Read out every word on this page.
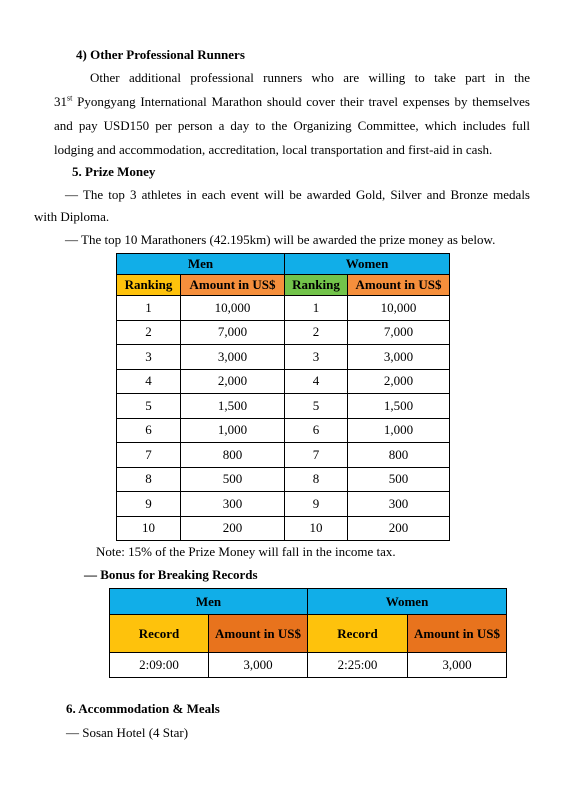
4) Other Professional Runners
Other additional professional runners who are willing to take part in the
31st Pyongyang International Marathon should cover their travel expenses by themselves
and pay USD150 per person a day to the Organizing Committee, which includes full
lodging and accommodation, accreditation, local transportation and first-aid in cash.
5. Prize Money
— The top 3 athletes in each event will be awarded Gold, Silver and Bronze medals
with Diploma.
— The top 10 Marathoners (42.195km) will be awarded the prize money as below.
Men		Women	
Ranking	Amount in US$	Ranking	Amount in US$
1	10,000	1	10,000
2	7,000	2	7,000
3	3,000	3	3,000
4	2,000	4	2,000
5	1,500	5	1,500
6	1,000	6	1,000
7	800	7	800
8	500	8	500
9	300	9	300
10	200	10	200
Note: 15% of the Prize Money will fall in the income tax.
— Bonus for Breaking Records
Men		Women	
Record	Amount in US$	Record	Amount in US$
2:09:00	3,000	2:25:00	3,000
6. Accommodation & Meals
— Sosan Hotel (4 Star)
